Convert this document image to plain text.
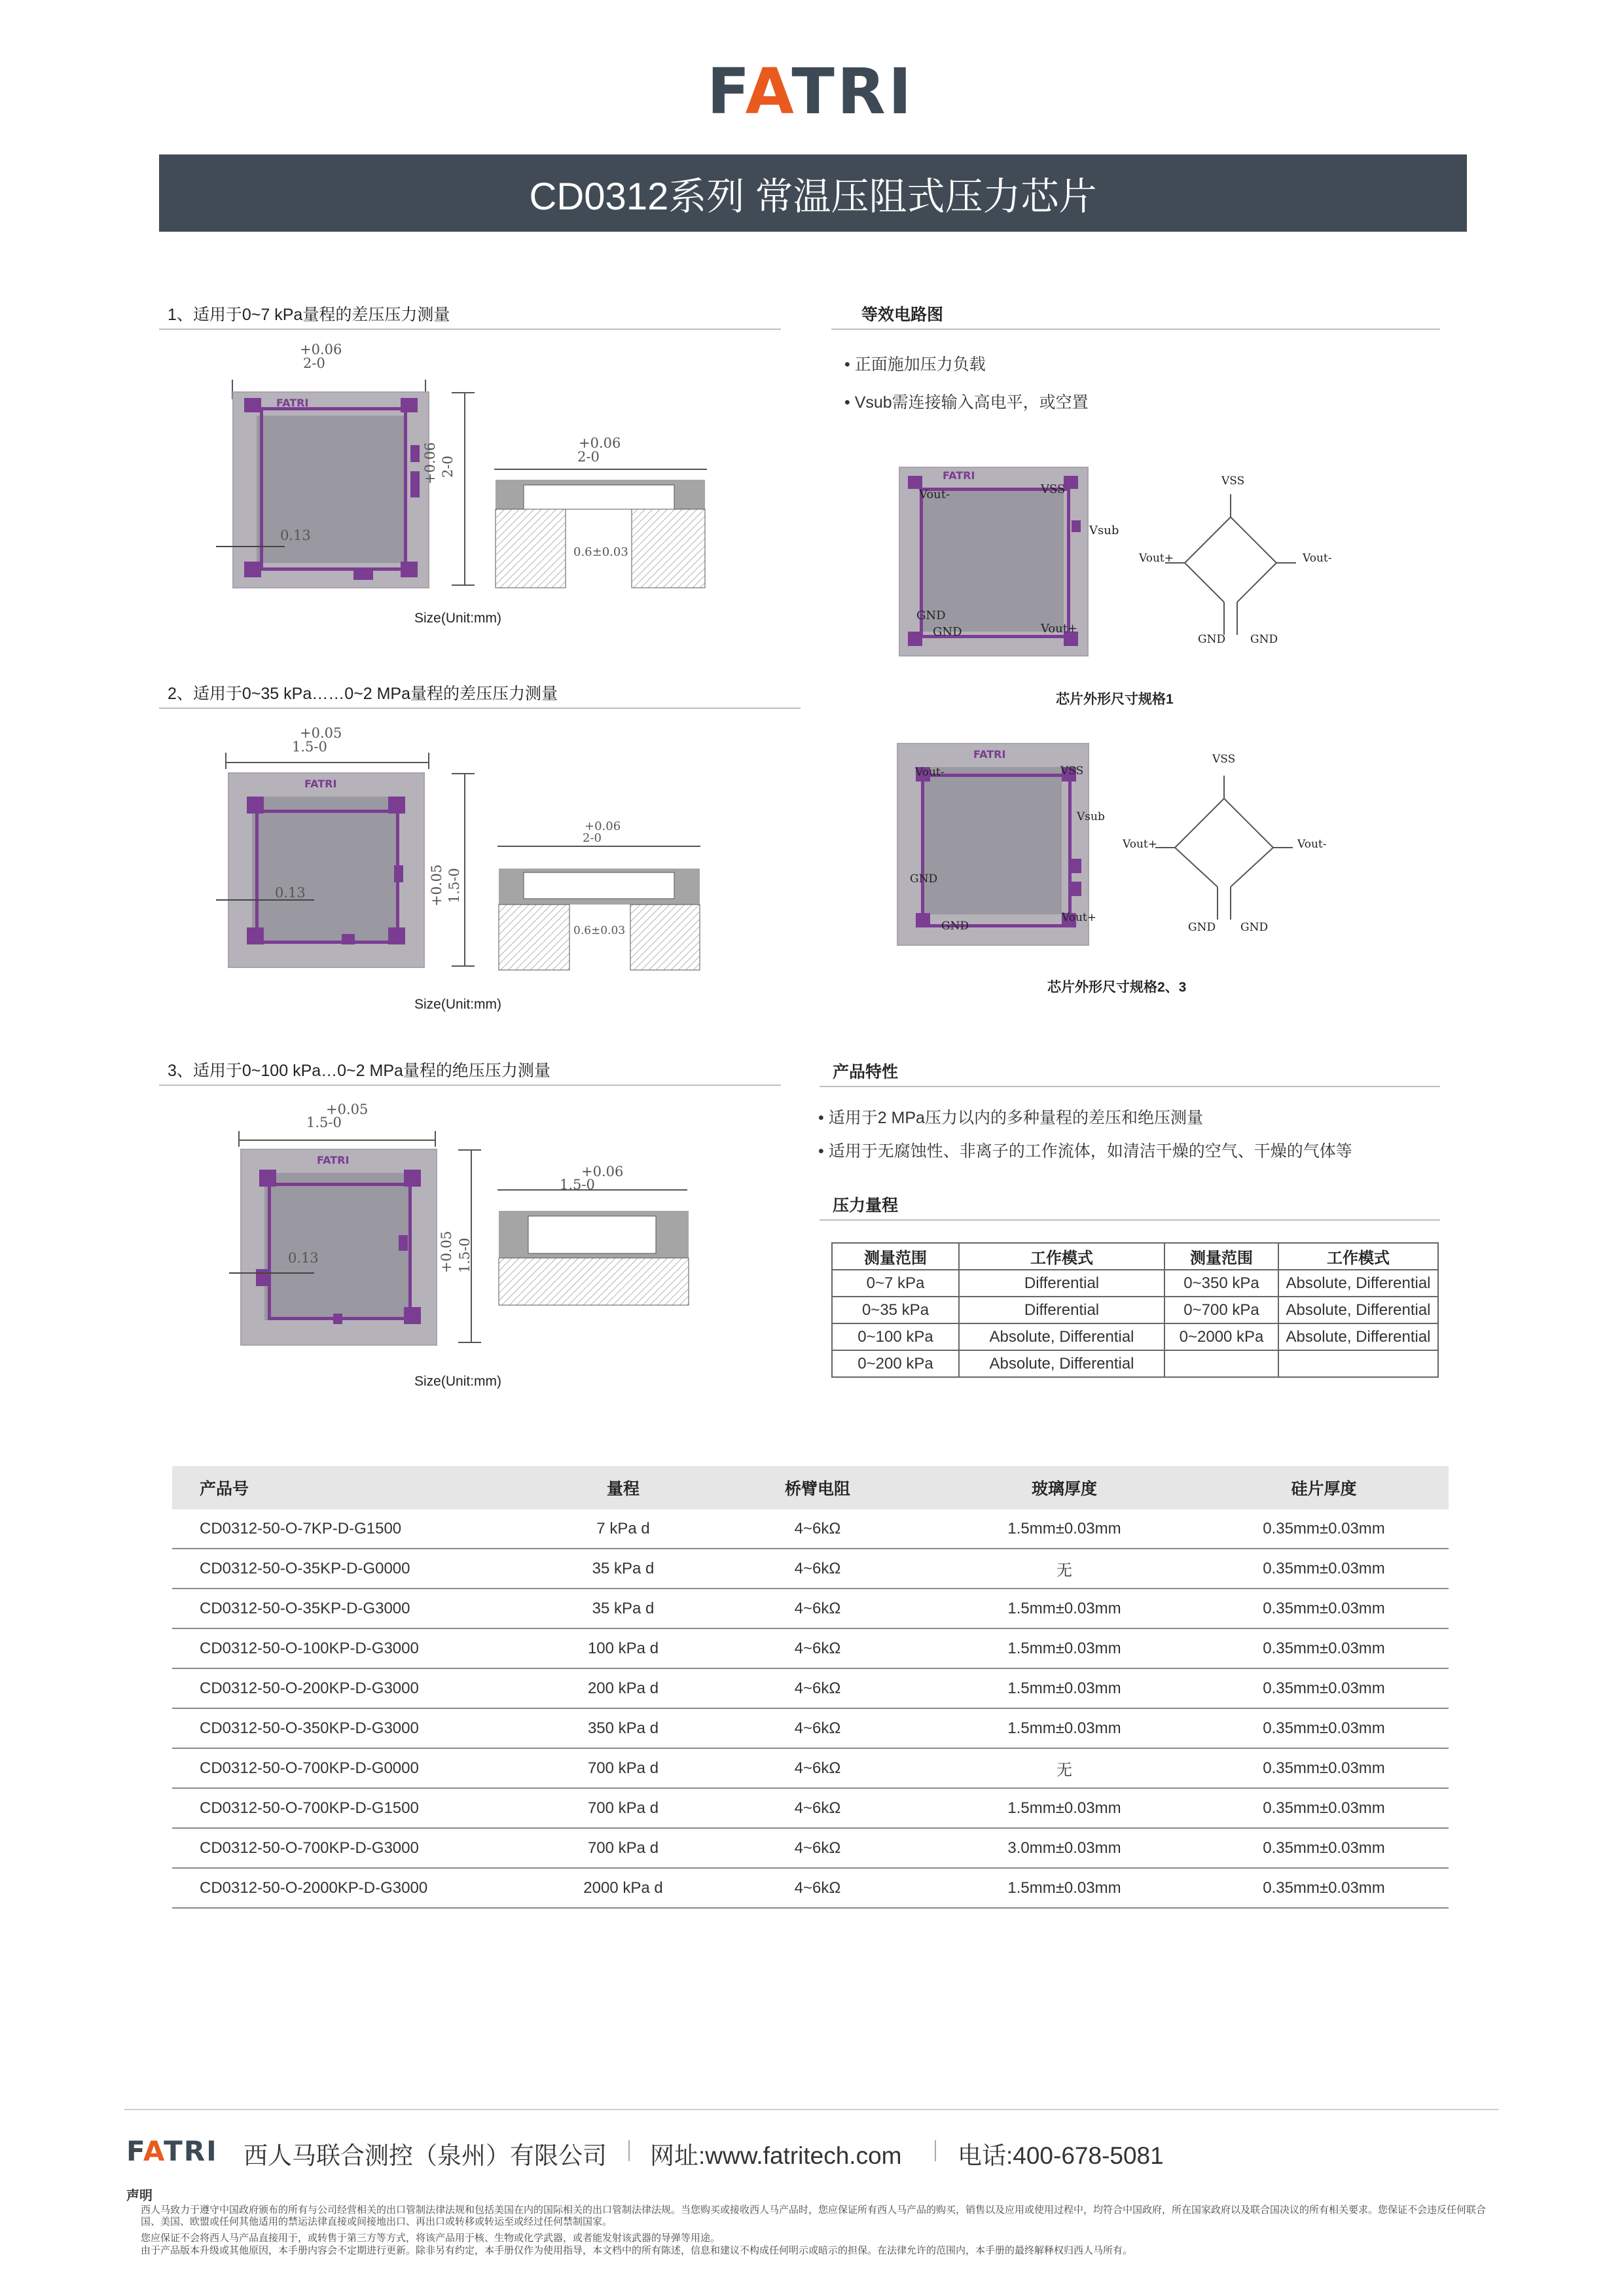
FATRI
CD0312系列 常温压阻式压力芯片
1、适用于0~7 kPa量程的差压压力测量
+0.06
2-0
FATRI
0.13
+0.06 2-0
+0.06
2-0
0.6±0.03
Size(Unit:mm)
2、适用于0~35 kPa……0~2 MPa量程的差压压力测量
+0.05
1.5-0
FATRI
0.13	+0.05 1.5-0
+0.06
2-0
0.6±0.03
Size(Unit:mm)
3、适用于0~100 kPa…0~2 MPa量程的绝压压力测量
+0.05
1.5-0
FATRI
0.13	+0.05 1.5-0
+0.06
1.5-0
Size(Unit:mm)
等效电路图
• 正面施加压力负载
• Vsub需连接输入高电平，或空置
FATRI
Vout-	VSS
Vsub
GND
GND	Vout+
VSS
Vout+	Vout-
GND GND
芯片外形尺寸规格1
FATRI
Vout-	VSS
Vsub
GND
GND
Vout+
VSS
Vout+	Vout-
GND GND
芯片外形尺寸规格2、3
产品特性
• 适用于2 MPa压力以内的多种量程的差压和绝压测量
• 适用于无腐蚀性、非离子的工作流体，如清洁干燥的空气、干燥的气体等
压力量程
测量范围	工作模式	测量范围	工作模式
0~7 kPa	Differential	0~350 kPa	Absolute, Differential
0~35 kPa	Differential	0~700 kPa	Absolute, Differential
0~100 kPa	Absolute, Differential	0~2000 kPa	Absolute, Differential
0~200 kPa	Absolute, Differential		
产品号	量程	桥臂电阻	玻璃厚度	硅片厚度
CD0312-50-O-7KP-D-G1500	7 kPa d	4~6kΩ	1.5mm±0.03mm	0.35mm±0.03mm
CD0312-50-O-35KP-D-G0000	35 kPa d	4~6kΩ	无	0.35mm±0.03mm
CD0312-50-O-35KP-D-G3000	35 kPa d	4~6kΩ	1.5mm±0.03mm	0.35mm±0.03mm
CD0312-50-O-100KP-D-G3000	100 kPa d	4~6kΩ	1.5mm±0.03mm	0.35mm±0.03mm
CD0312-50-O-200KP-D-G3000	200 kPa d	4~6kΩ	1.5mm±0.03mm	0.35mm±0.03mm
CD0312-50-O-350KP-D-G3000	350 kPa d	4~6kΩ	1.5mm±0.03mm	0.35mm±0.03mm
CD0312-50-O-700KP-D-G0000	700 kPa d	4~6kΩ	无	0.35mm±0.03mm
CD0312-50-O-700KP-D-G1500	700 kPa d	4~6kΩ	1.5mm±0.03mm	0.35mm±0.03mm
CD0312-50-O-700KP-D-G3000	700 kPa d	4~6kΩ	3.0mm±0.03mm	0.35mm±0.03mm
CD0312-50-O-2000KP-D-G3000	2000 kPa d	4~6kΩ	1.5mm±0.03mm	0.35mm±0.03mm
FATRI 西人马联合测控（泉州）有限公司 网址:www.fatritech.com 电话:400-678-5081
声明
西人马致力于遵守中国政府颁布的所有与公司经营相关的出口管制法律法规和包括美国在内的国际相关的出口管制法律法规。当您购买或接收西人马产品时，您应保证所有西人马产品的购买，销售以及应用或使用过程中，均符合中国政府，所在国家政府以及联合国决议的所有相关要求。您保证不会违反任何联合国、美国、欧盟或任何其他适用的禁运法律直接或间接地出口、再出口或转移或转运至或经过任何禁制国家。
您应保证不会将西人马产品直接用于，或转售于第三方等方式，将该产品用于核、生物或化学武器，或者能发射该武器的导弹等用途。
由于产品版本升级或其他原因，本手册内容会不定期进行更新。除非另有约定，本手册仅作为使用指导，本文档中的所有陈述，信息和建议不构成任何明示或暗示的担保。在法律允许的范围内，本手册的最终解释权归西人马所有。
